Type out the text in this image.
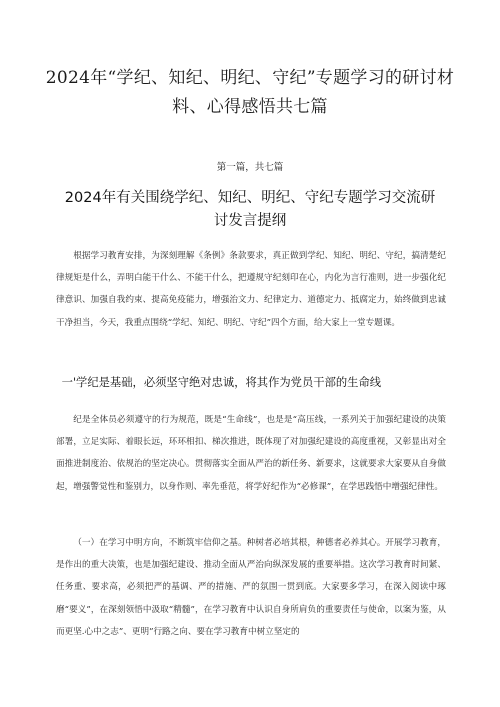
2024年“学纪、知纪、明纪、守纪”专题学习的研讨材料、心得感悟共七篇
第一篇，共七篇
2024年有关围绕学纪、知纪、明纪、守纪专题学习交流研讨发言提纲

根据学习教育安排，为深刻理解《条例》条款要求，真正做到学纪、知纪、明纪、守纪，搞清楚纪律规矩是什么，弄明白能干什么、不能干什么，把遵规守纪刻印在心，内化为言行准则，进一步强化纪律意识、加强自我约束、提高免疫能力，增强治文力、纪律定力、道德定力、抵腐定力，始终做到忠诚干净担当，今天，我重点围绕“学纪、知纪、明纪、守纪”四个方面，给大家上一堂专题课。

一'学纪是基础，必须坚守绝对忠诚，将其作为党员干部的生命线

纪是全体员必须遵守的行为规范，既是“生命线”，也是是“高压线，一系列关于加强纪建设的决策部署，立足实际、着眼长远，环环相扣、梯次推进，既体现了对加强纪建设的高度重视，又彰显出对全面推进制度治、依规治的坚定决心。贯彻落实全面从严治的新任务、新要求，这就要求大家要从自身做起，增强警觉性和鉴别力，以身作则、率先垂范，将学好纪作为“必修课”，在学思践悟中增强纪律性。

（一）在学习中明方向，不断筑牢信仰之基。种树者必培其根，种德者必养其心。开展学习教育，是作出的重大决策，也是加强纪建设、推动全面从严治向纵深发展的重要举措。这次学习教育时间紧、任务重、要求高，必须把严的基调、严的措施、严的氛围一贯到底。大家要多学习，在深入阅读中琢磨“要义”，在深刻领悟中汲取“精髓”，在学习教育中认识自身所肩负的重要责任与使命，以案为鉴，从而更坚.心中之志”、更明”行路之向、要在学习教育中树立坚定的
